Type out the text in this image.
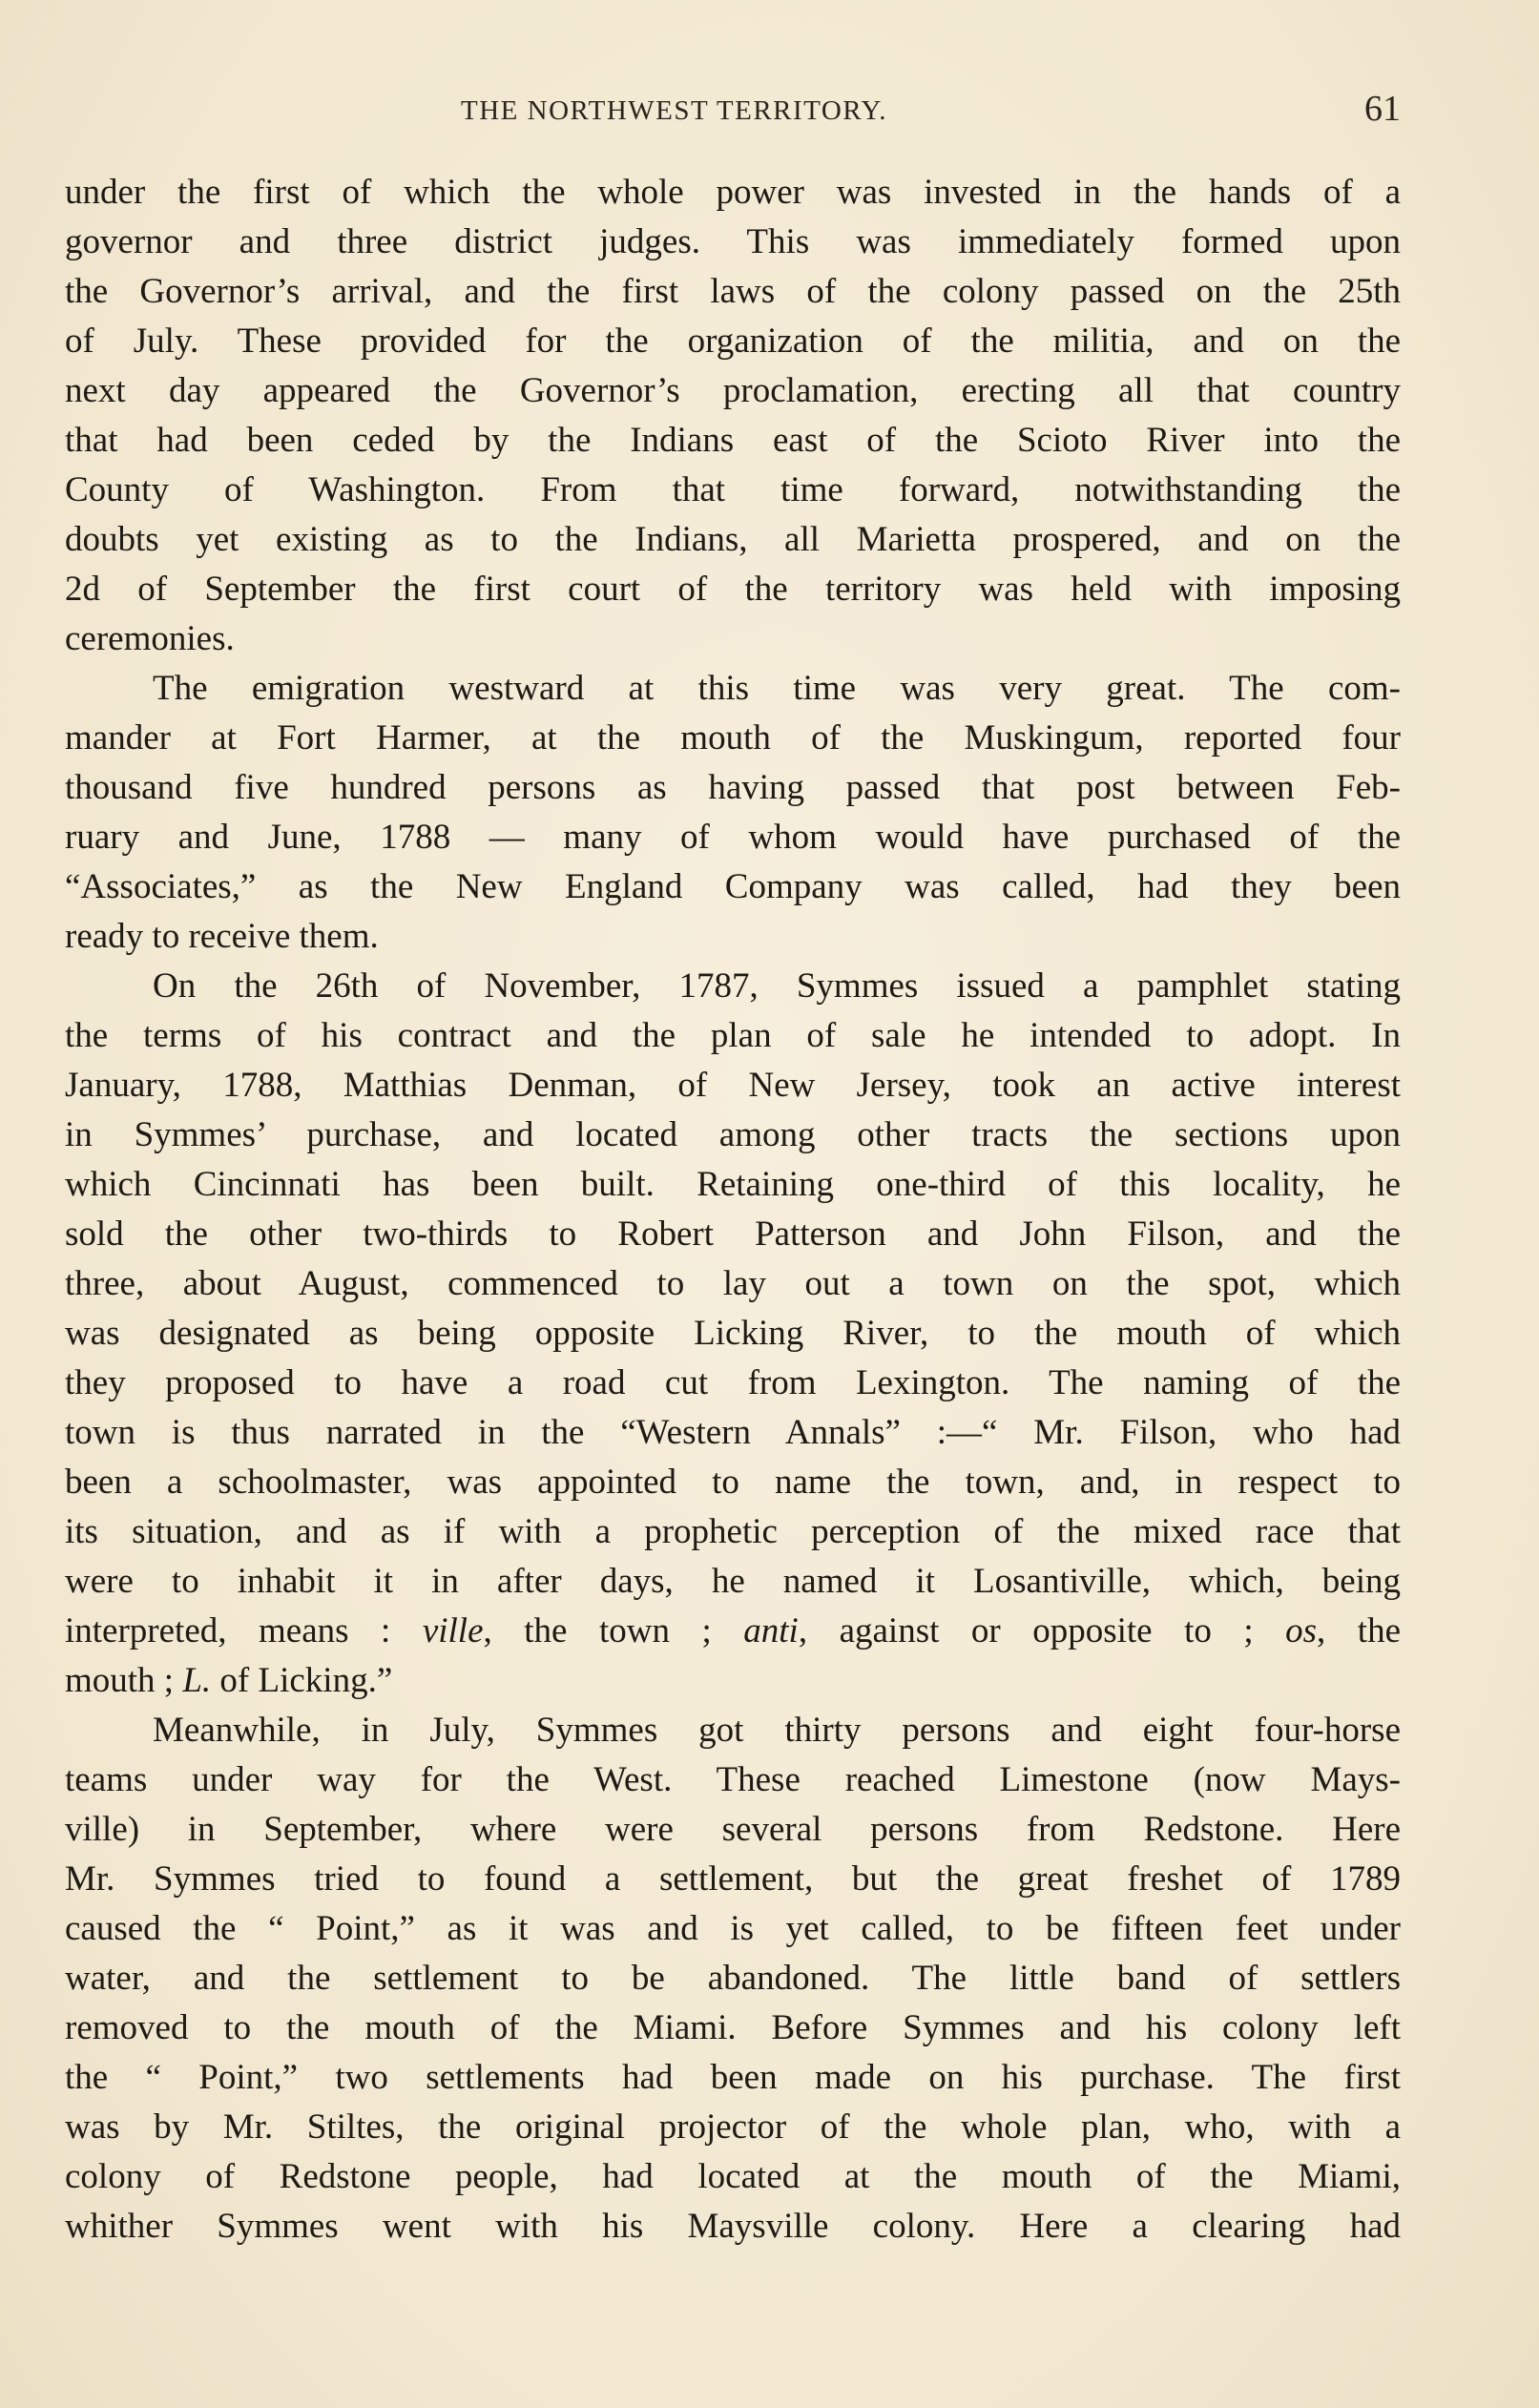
THE NORTHWEST TERRITORY.	61
under the first of which the whole power was invested in the hands of a
governor and three district judges. This was immediately formed upon
the Governor’s arrival, and the first laws of the colony passed on the 25th
of July. These provided for the organization of the militia, and on the
next day appeared the Governor’s proclamation, erecting all that country
that had been ceded by the Indians east of the Scioto River into the
County of Washington. From that time forward, notwithstanding the
doubts yet existing as to the Indians, all Marietta prospered, and on the
2d of September the first court of the territory was held with imposing
ceremonies.
The emigration westward at this time was very great. The com-
mander at Fort Harmer, at the mouth of the Muskingum, reported four
thousand five hundred persons as having passed that post between Feb-
ruary and June, 1788 — many of whom would have purchased of the
“Associates,” as the New England Company was called, had they been
ready to receive them.
On the 26th of November, 1787, Symmes issued a pamphlet stating
the terms of his contract and the plan of sale he intended to adopt. In
January, 1788, Matthias Denman, of New Jersey, took an active interest
in Symmes’ purchase, and located among other tracts the sections upon
which Cincinnati has been built. Retaining one-third of this locality, he
sold the other two-thirds to Robert Patterson and John Filson, and the
three, about August, commenced to lay out a town on the spot, which
was designated as being opposite Licking River, to the mouth of which
they proposed to have a road cut from Lexington. The naming of the
town is thus narrated in the “Western Annals” :—“ Mr. Filson, who had
been a schoolmaster, was appointed to name the town, and, in respect to
its situation, and as if with a prophetic perception of the mixed race that
were to inhabit it in after days, he named it Losantiville, which, being
interpreted, means : ville, the town ; anti, against or opposite to ; os, the
mouth ; L. of Licking.”
Meanwhile, in July, Symmes got thirty persons and eight four-horse
teams under way for the West. These reached Limestone (now Mays-
ville) in September, where were several persons from Redstone. Here
Mr. Symmes tried to found a settlement, but the great freshet of 1789
caused the “ Point,” as it was and is yet called, to be fifteen feet under
water, and the settlement to be abandoned. The little band of settlers
removed to the mouth of the Miami. Before Symmes and his colony left
the “ Point,” two settlements had been made on his purchase. The first
was by Mr. Stiltes, the original projector of the whole plan, who, with a
colony of Redstone people, had located at the mouth of the Miami,
whither Symmes went with his Maysville colony. Here a clearing had
